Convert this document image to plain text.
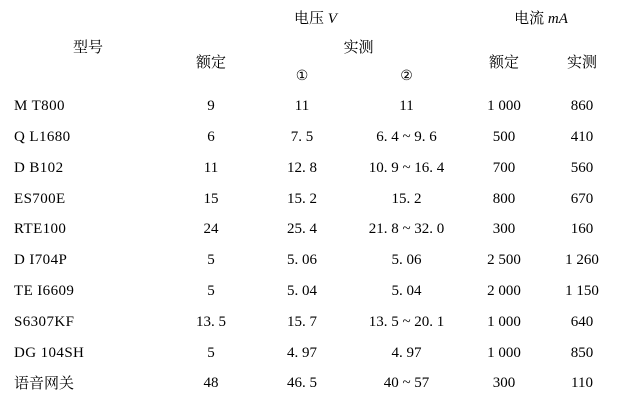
型号	电压 V			电流 mA	
	额定	实测		额定	实测
		①	②		

M T800	9	11	11	1 000	860
Q L1680	6	7. 5	6. 4 ~ 9. 6	500	410
D B102	11	12. 8	10. 9 ~ 16. 4	700	560
ES700E	15	15. 2	15. 2	800	670
RTE100	24	25. 4	21. 8 ~ 32. 0	300	160
D I704P	5	5. 06	5. 06	2 500	1 260
TE I6609	5	5. 04	5. 04	2 000	1 150
S6307KF	13. 5	15. 7	13. 5 ~ 20. 1	1 000	640
DG 104SH	5	4. 97	4. 97	1 000	850
语音网关	48	46. 5	40 ~ 57	300	110
